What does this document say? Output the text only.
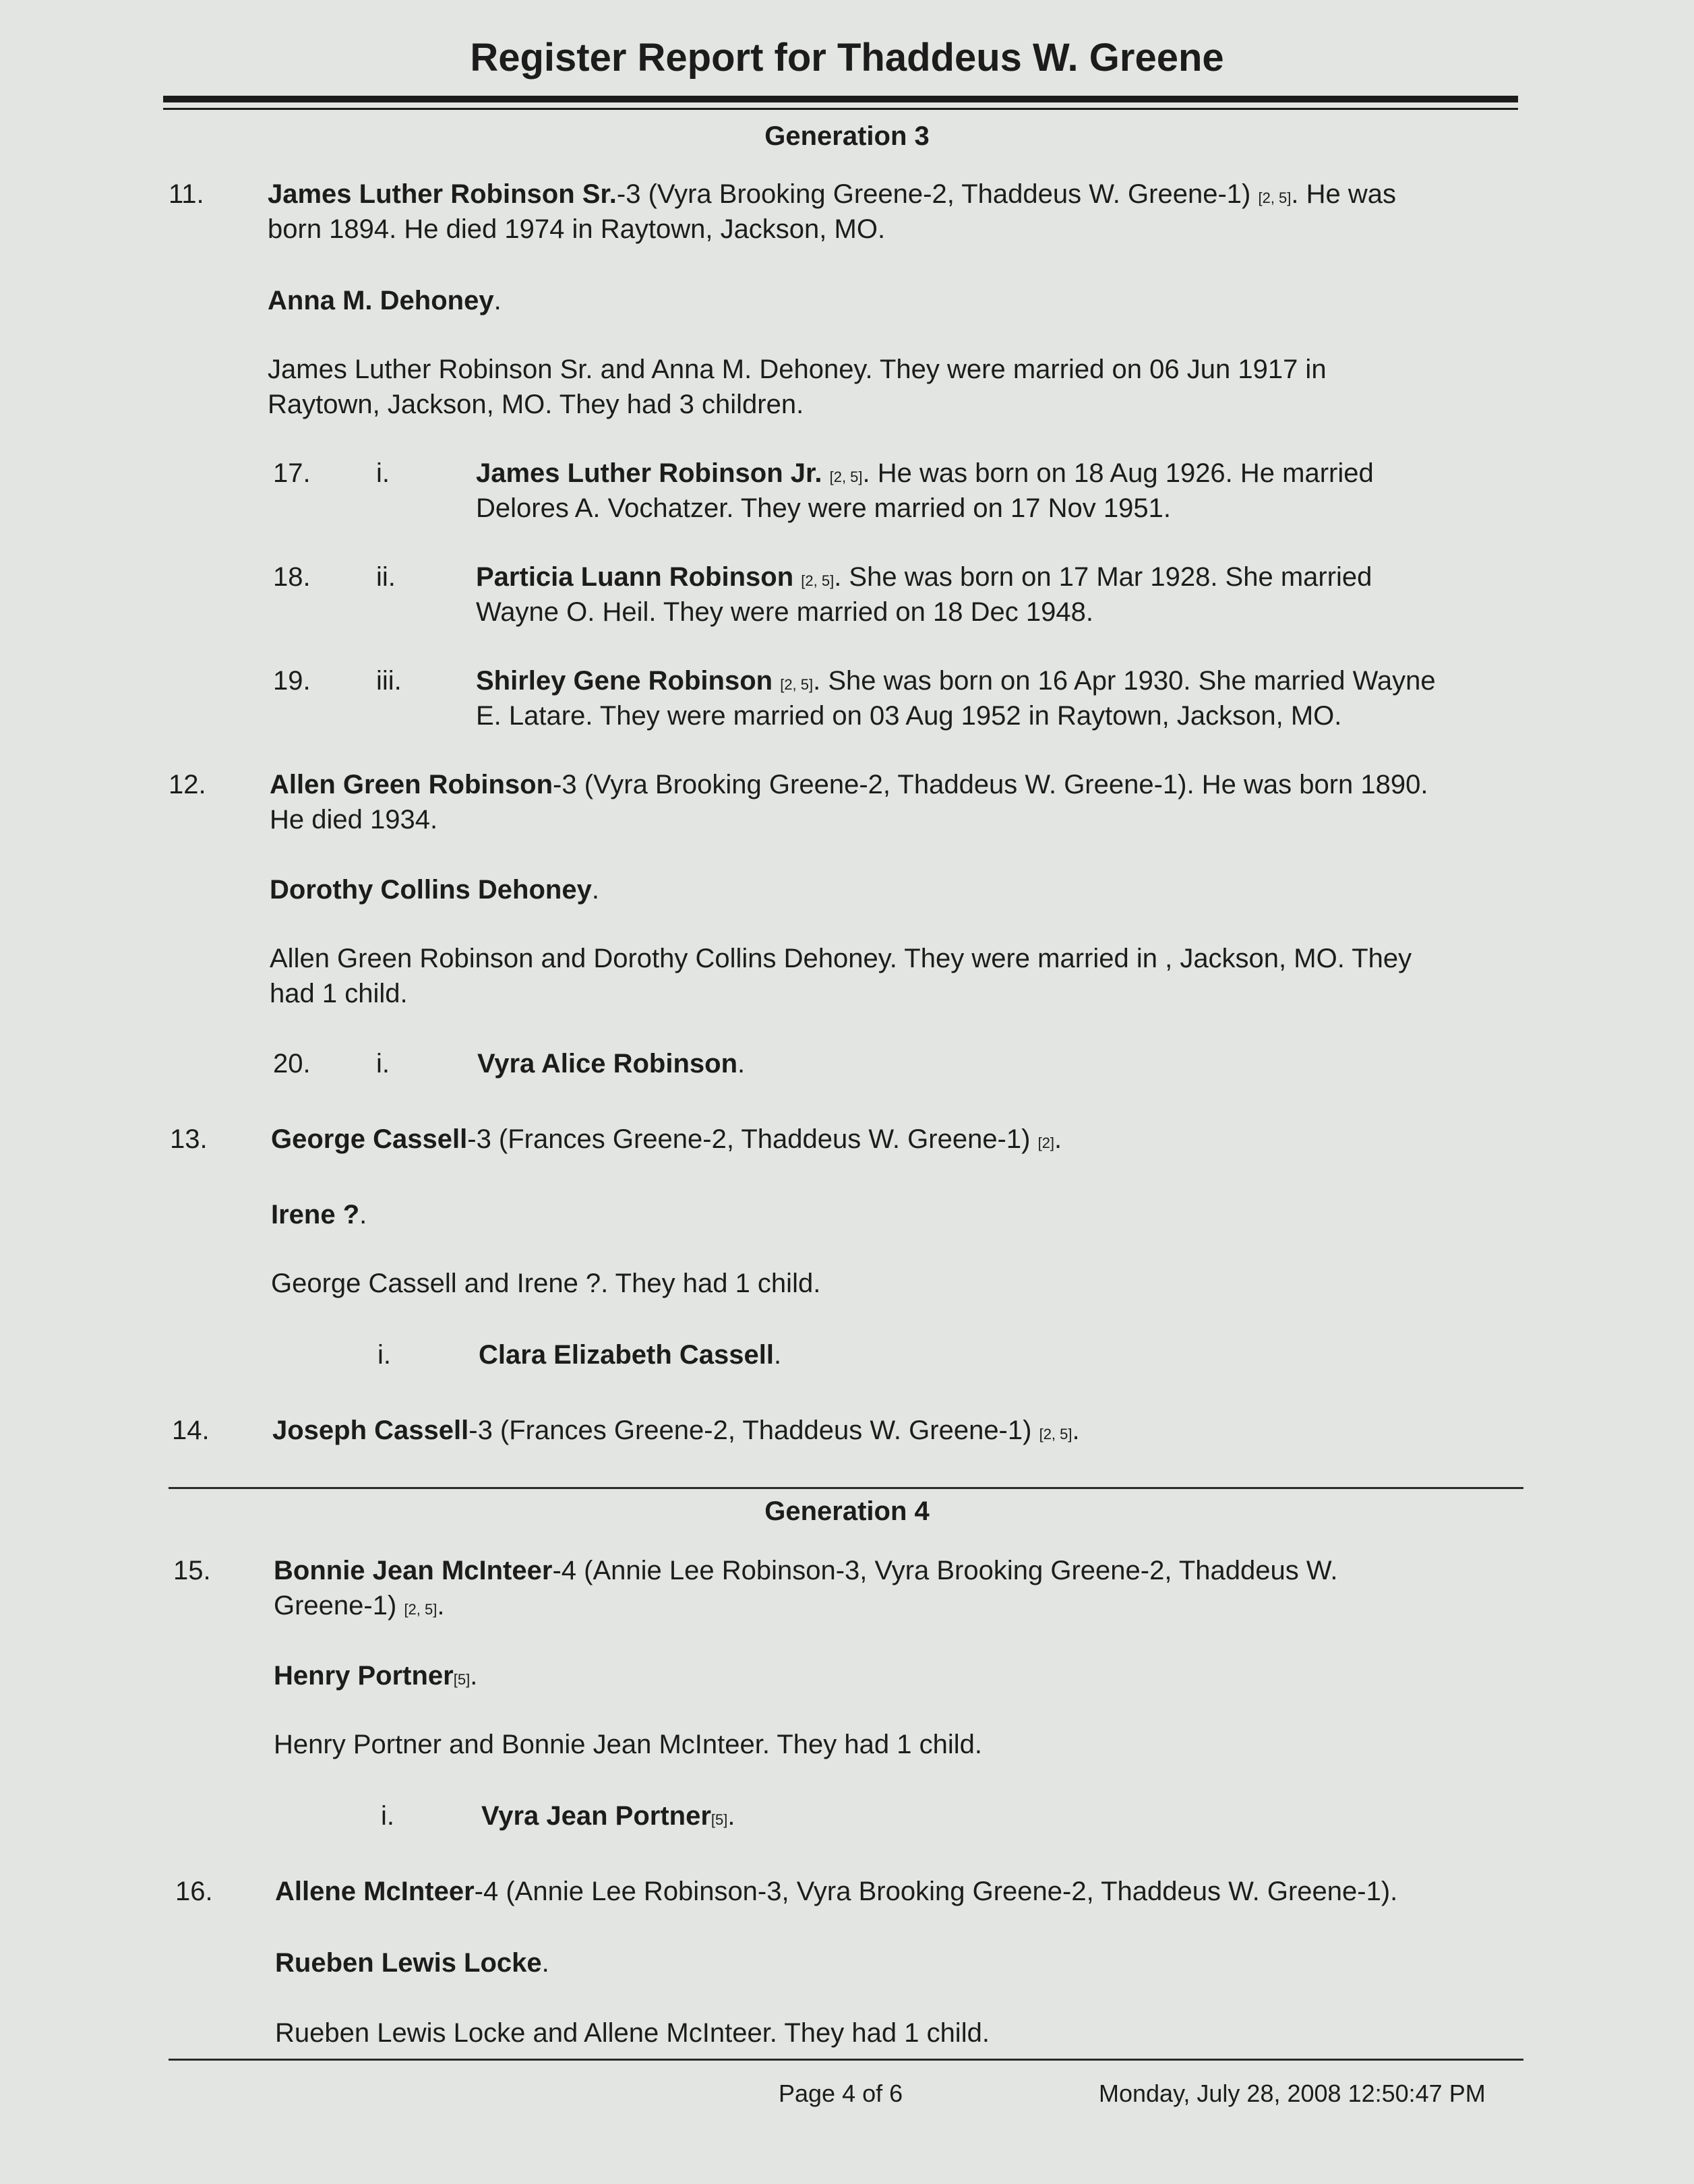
Register Report for Thaddeus W. Greene
Generation 3
11. James Luther Robinson Sr.-3 (Vyra Brooking Greene-2, Thaddeus W. Greene-1) [2, 5]. He was
born 1894. He died 1974 in Raytown, Jackson, MO.
Anna M. Dehoney.
James Luther Robinson Sr. and Anna M. Dehoney. They were married on 06 Jun 1917 in
Raytown, Jackson, MO. They had 3 children.
17. i.	James Luther Robinson Jr. [2, 5]. He was born on 18 Aug 1926. He married
Delores A. Vochatzer. They were married on 17 Nov 1951.
18. ii.	Particia Luann Robinson [2, 5]. She was born on 17 Mar 1928. She married
Wayne O. Heil. They were married on 18 Dec 1948.
19. iii.	Shirley Gene Robinson [2, 5]. She was born on 16 Apr 1930. She married Wayne
E. Latare. They were married on 03 Aug 1952 in Raytown, Jackson, MO.
12. Allen Green Robinson-3 (Vyra Brooking Greene-2, Thaddeus W. Greene-1). He was born 1890.
He died 1934.
Dorothy Collins Dehoney.
Allen Green Robinson and Dorothy Collins Dehoney. They were married in , Jackson, MO. They
had 1 child.
20. i.	Vyra Alice Robinson.
13. George Cassell-3 (Frances Greene-2, Thaddeus W. Greene-1) [2].
Irene ?.
George Cassell and Irene ?. They had 1 child.
i.	Clara Elizabeth Cassell.
14. Joseph Cassell-3 (Frances Greene-2, Thaddeus W. Greene-1) [2, 5].
Generation 4
15. Bonnie Jean McInteer-4 (Annie Lee Robinson-3, Vyra Brooking Greene-2, Thaddeus W.
Greene-1) [2, 5].
Henry Portner[5].
Henry Portner and Bonnie Jean McInteer. They had 1 child.
i.	Vyra Jean Portner[5].
16. Allene McInteer-4 (Annie Lee Robinson-3, Vyra Brooking Greene-2, Thaddeus W. Greene-1).
Rueben Lewis Locke.
Rueben Lewis Locke and Allene McInteer. They had 1 child.
Page 4 of 6	Monday, July 28, 2008 12:50:47 PM
